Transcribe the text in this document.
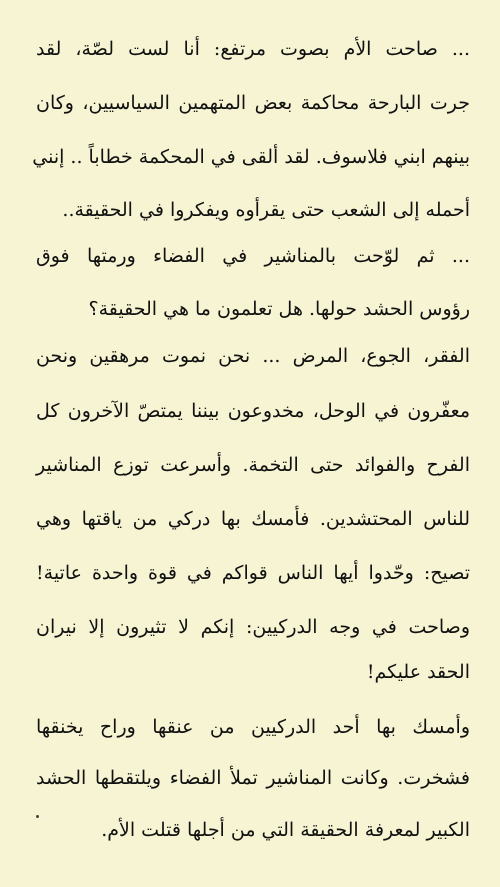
... صاحت الأم بصوت مرتفع: أنا لست لصّة، لقد
جرت البارحة محاكمة بعض المتهمين السياسيين، وكان
بينهم ابني فلاسوف. لقد ألقى في المحكمة خطاباً .. إنني
أحمله إلى الشعب حتى يقرأوه ويفكروا في الحقيقة..
... ثم لوّحت بالمناشير في الفضاء ورمتها فوق
رؤوس الحشد حولها. هل تعلمون ما هي الحقيقة؟
الفقر، الجوع، المرض ... نحن نموت مرهقين ونحن
معفّرون في الوحل، مخدوعون بيننا يمتصّ الآخرون كل
الفرح والفوائد حتى التخمة. وأسرعت توزع المناشير
للناس المحتشدين. فأمسك بها دركي من ياقتها وهي
تصيح: وحّدوا أيها الناس قواكم في قوة واحدة عاتية!
وصاحت في وجه الدركيين: إنكم لا تثيرون إلا نيران
الحقد عليكم!
وأمسك بها أحد الدركيين من عنقها وراح يخنقها
فشخرت. وكانت المناشير تملأ الفضاء ويلتقطها الحشد
الكبير لمعرفة الحقيقة التي من أجلها قتلت الأم.
